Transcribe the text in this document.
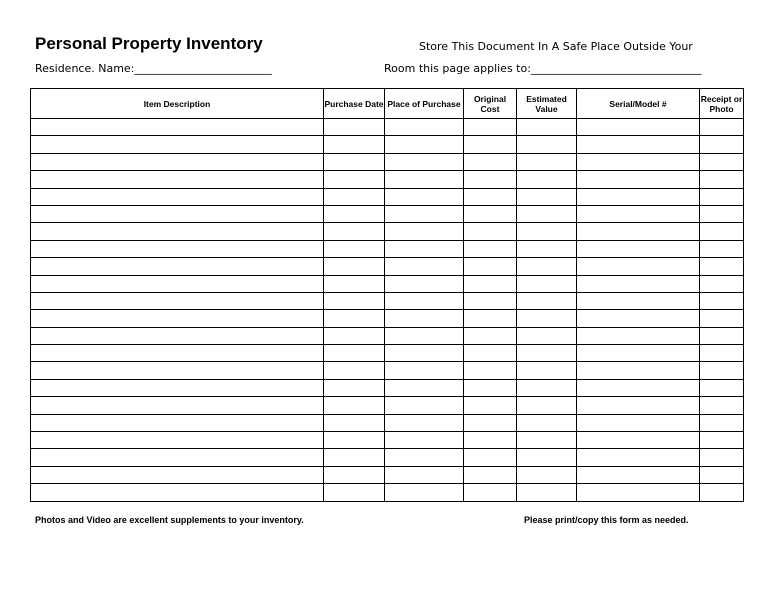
Personal Property Inventory	Store This Document In A Safe Place Outside Your
Residence. Name:_________________________	Room this page applies to:_______________________________
Item Description	Purchase Date	Place of Purchase	Original Cost	Estimated Value	Serial/Model #	Receipt or Photo

Photos and Video are excellent supplements to your inventory.	Please print/copy this form as needed.
